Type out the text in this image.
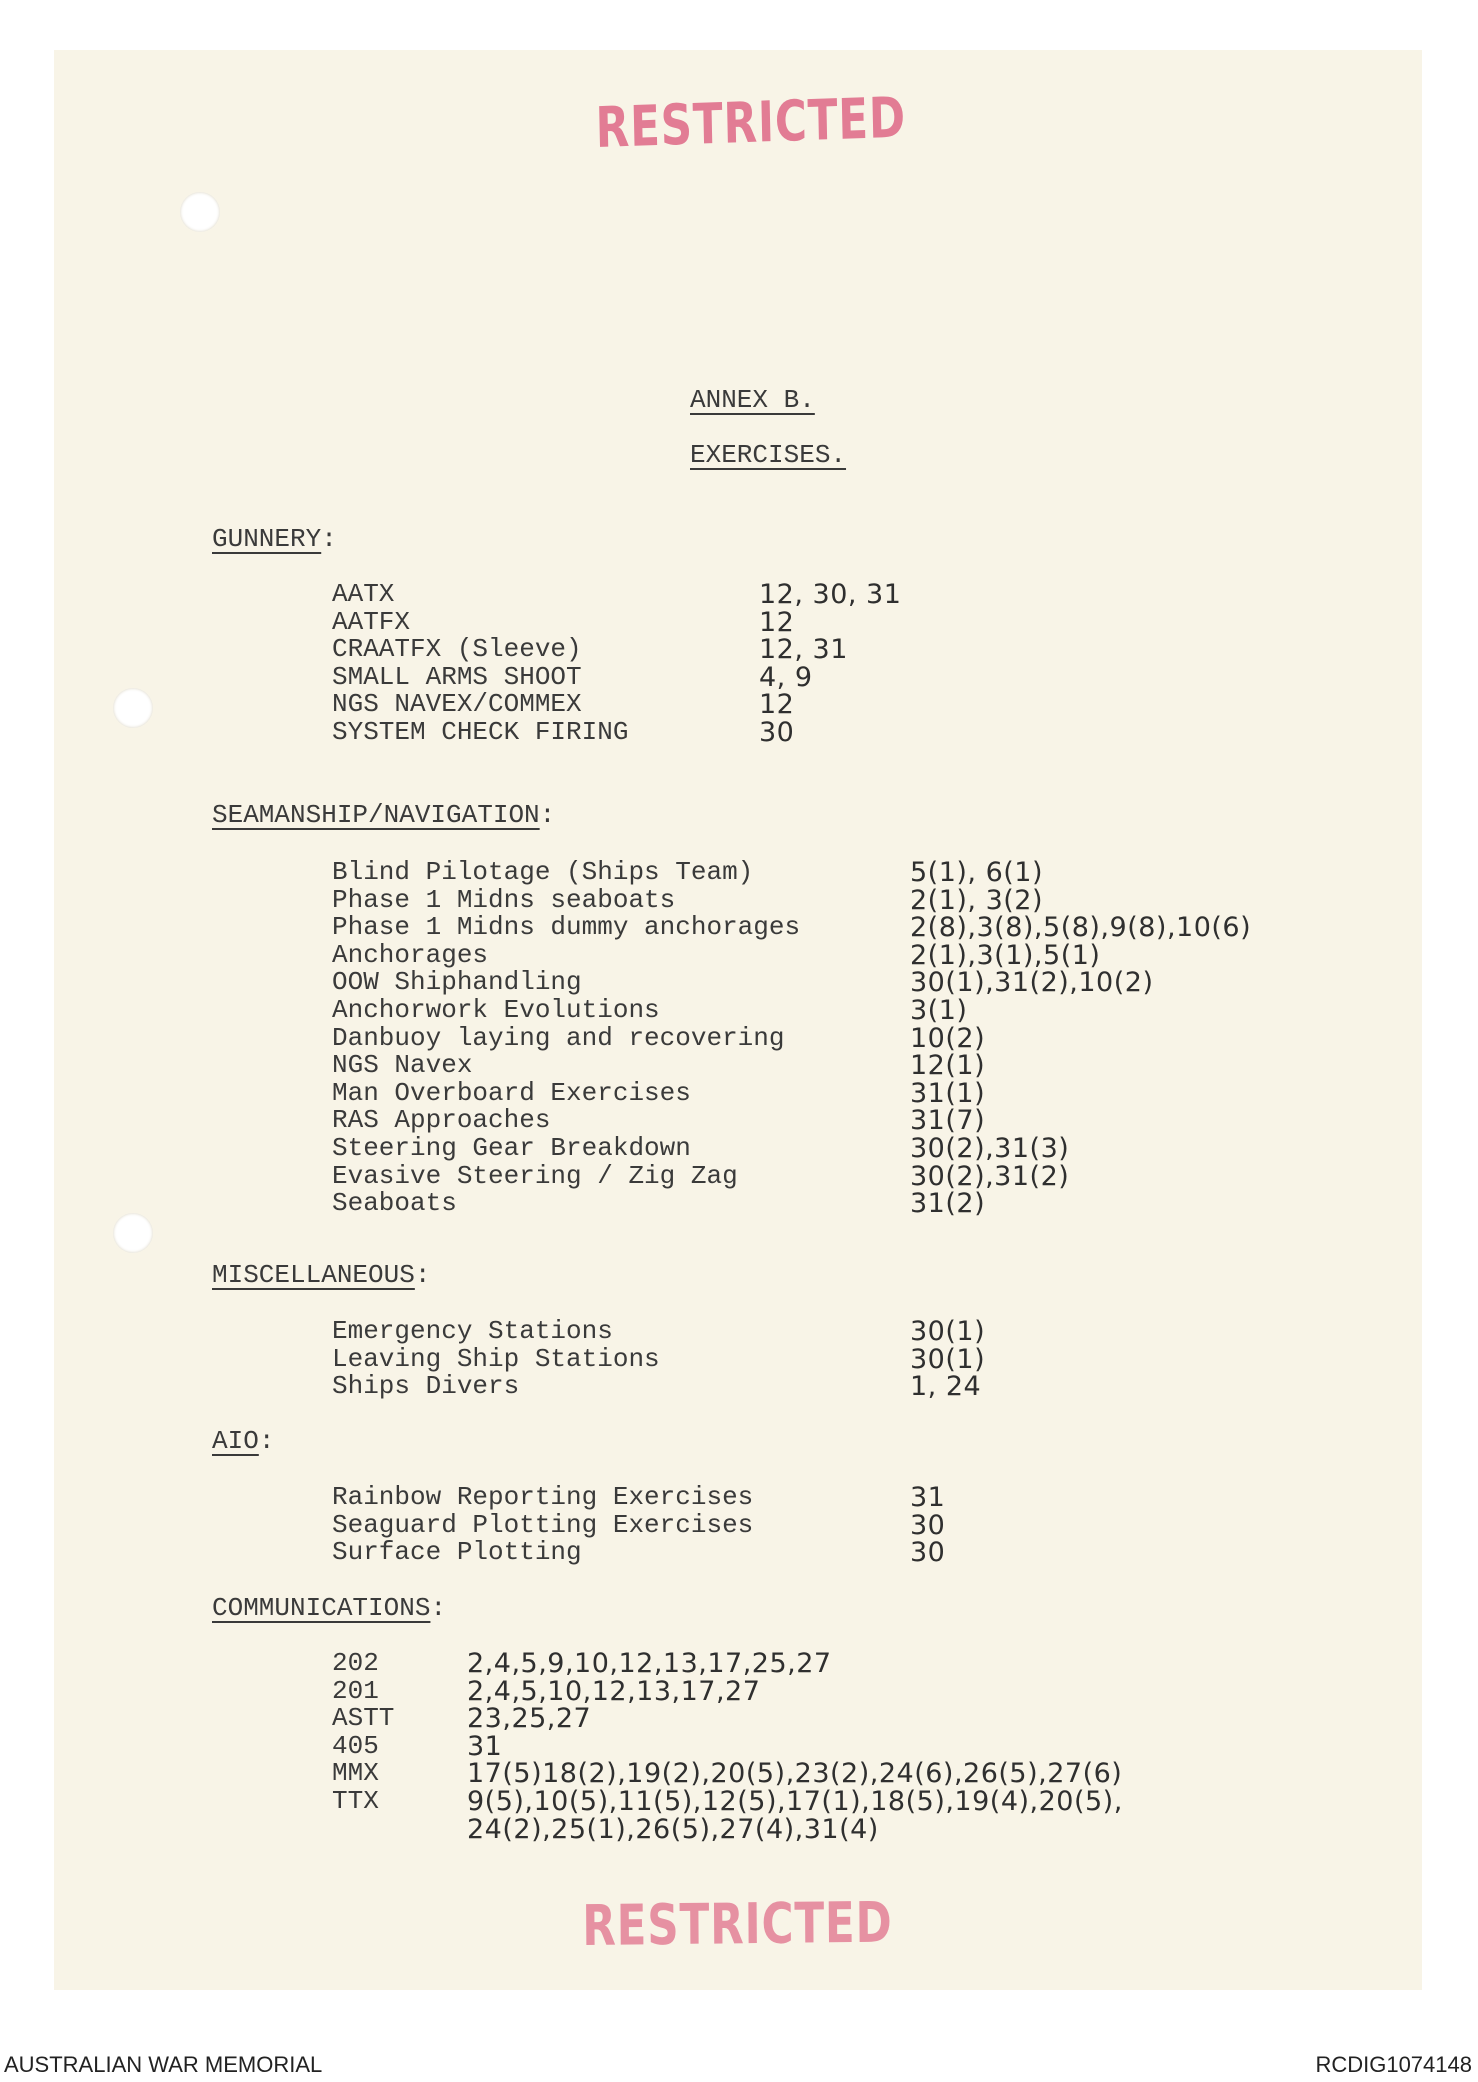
RESTRICTED
ANNEX B.
EXERCISES.
GUNNERY:
AATX	12, 30, 31
AATFX	12
CRAATFX (Sleeve)	12, 31
SMALL ARMS SHOOT	4, 9
NGS NAVEX/COMMEX	12
SYSTEM CHECK FIRING	30
SEAMANSHIP/NAVIGATION:
Blind Pilotage (Ships Team)	5(1), 6(1)
Phase 1 Midns seaboats	2(1), 3(2)
Phase 1 Midns dummy anchorages	2(8),3(8),5(8),9(8),10(6)
Anchorages	2(1),3(1),5(1)
OOW Shiphandling	30(1),31(2),10(2)
Anchorwork Evolutions	3(1)
Danbuoy laying and recovering	10(2)
NGS Navex	12(1)
Man Overboard Exercises	31(1)
RAS Approaches	31(7)
Steering Gear Breakdown	30(2),31(3)
Evasive Steering / Zig Zag	30(2),31(2)
Seaboats	31(2)
MISCELLANEOUS:
Emergency Stations	30(1)
Leaving Ship Stations	30(1)
Ships Divers	1, 24
AIO:
Rainbow Reporting Exercises	31
Seaguard Plotting Exercises	30
Surface Plotting	30
COMMUNICATIONS:
202	2,4,5,9,10,12,13,17,25,27
201	2,4,5,10,12,13,17,27
ASTT	23,25,27
405	31
MMX	17(5)18(2),19(2),20(5),23(2),24(6),26(5),27(6)
TTX	9(5),10(5),11(5),12(5),17(1),18(5),19(4),20(5),
24(2),25(1),26(5),27(4),31(4)
RESTRICTED
AUSTRALIAN WAR MEMORIAL	RCDIG1074148
